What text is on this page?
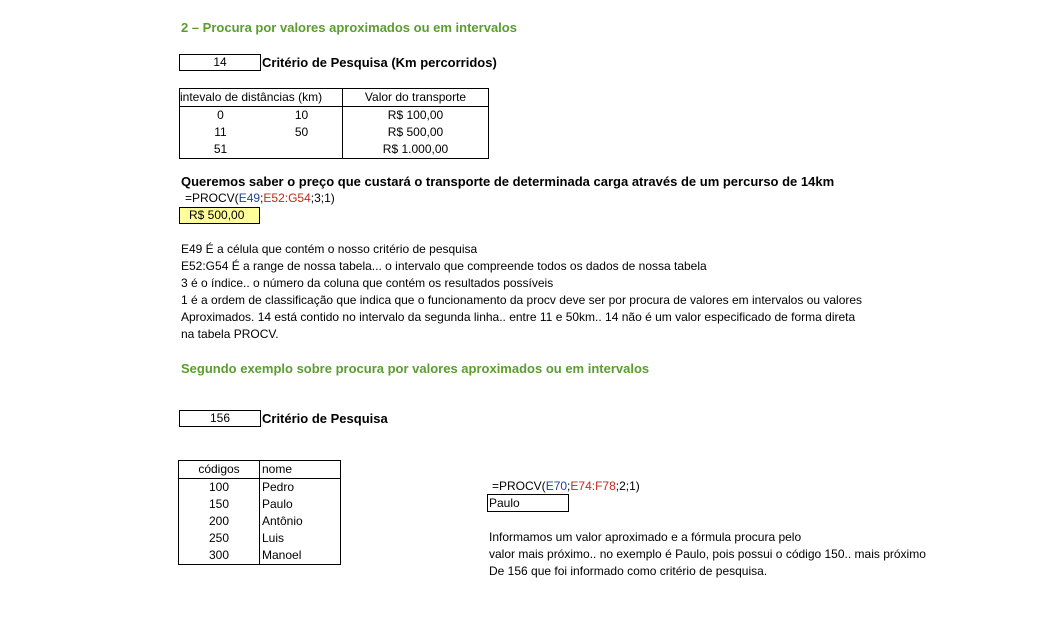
2 – Procura por valores aproximados ou em intervalos
14	Critério de Pesquisa (Km percorridos)
intevalo de distâncias (km)		Valor do transporte
0	10	R$ 100,00
11	50	R$ 500,00
51		R$ 1.000,00
Queremos saber o preço que custará o transporte de determinada carga através de um percurso de 14km
=PROCV(E49;E52:G54;3;1)
R$ 500,00
E49 É a célula que contém o nosso critério de pesquisa
E52:G54 É a range de nossa tabela... o intervalo que compreende todos os dados de nossa tabela
3 é o índice.. o número da coluna que contém os resultados possíveis
1 é a ordem de classificação que indica que o funcionamento da procv deve ser por procura de valores em intervalos ou valores
Aproximados. 14 está contido no intervalo da segunda linha.. entre 11 e 50km.. 14 não é um valor especificado de forma direta
na tabela PROCV.
Segundo exemplo sobre procura por valores aproximados ou em intervalos
156	Critério de Pesquisa
códigos	nome
100	Pedro
150	Paulo
200	Antônio
250	Luis
300	Manoel
=PROCV(E70;E74:F78;2;1)
Paulo
Informamos um valor aproximado e a fórmula procura pelo
valor mais próximo.. no exemplo é Paulo, pois possui o código 150.. mais próximo
De 156 que foi informado como critério de pesquisa.
